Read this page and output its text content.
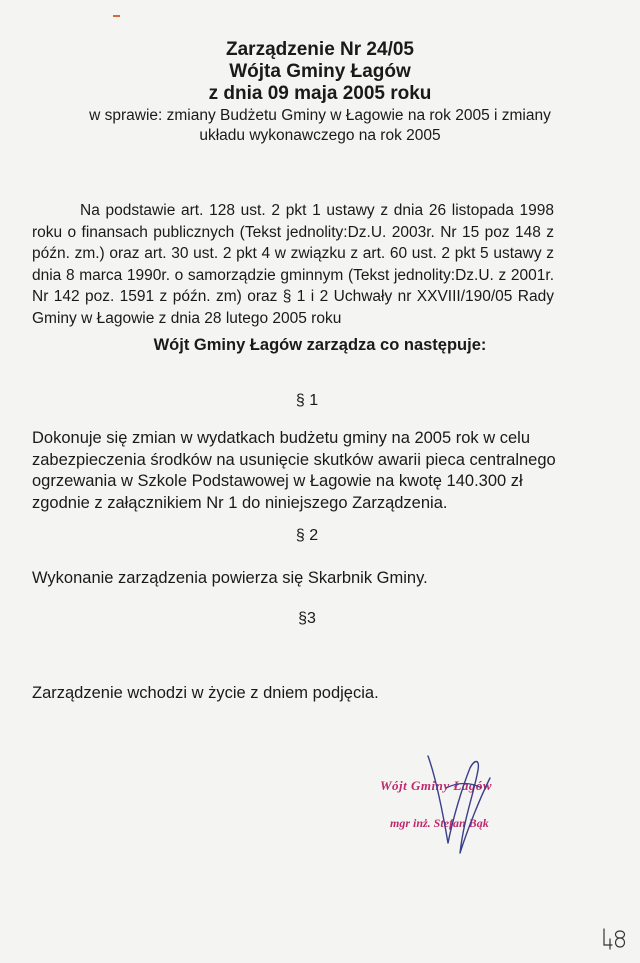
Zarządzenie Nr 24/05
Wójta Gminy Łagów
z dnia 09 maja 2005 roku
w sprawie: zmiany Budżetu Gminy w Łagowie na rok 2005 i zmiany
układu wykonawczego na rok 2005
Na podstawie art. 128 ust. 2 pkt 1 ustawy z dnia 26 listopada 1998 roku o finansach publicznych (Tekst jednolity:Dz.U. 2003r. Nr 15 poz 148 z późn. zm.) oraz art. 30 ust. 2 pkt 4 w związku z art. 60 ust. 2 pkt 5 ustawy z dnia 8 marca 1990r. o samorządzie gminnym (Tekst jednolity:Dz.U. z 2001r. Nr 142 poz. 1591 z późn. zm) oraz § 1 i 2 Uchwały nr XXVIII/190/05 Rady Gminy w Łagowie z dnia 28 lutego 2005 roku
Wójt Gminy Łagów zarządza co następuje:
§ 1
Dokonuje się zmian w wydatkach budżetu gminy na 2005 rok w celu zabezpieczenia środków na usunięcie skutków awarii pieca centralnego ogrzewania w Szkole Podstawowej w Łagowie na kwotę 140.300 zł zgodnie z załącznikiem Nr 1 do niniejszego Zarządzenia.
§ 2
Wykonanie zarządzenia powierza się Skarbnik Gminy.
§3
Zarządzenie wchodzi w życie z dniem podjęcia.
Wójt Gminy Łagów
mgr inż. Stefan Bąk
